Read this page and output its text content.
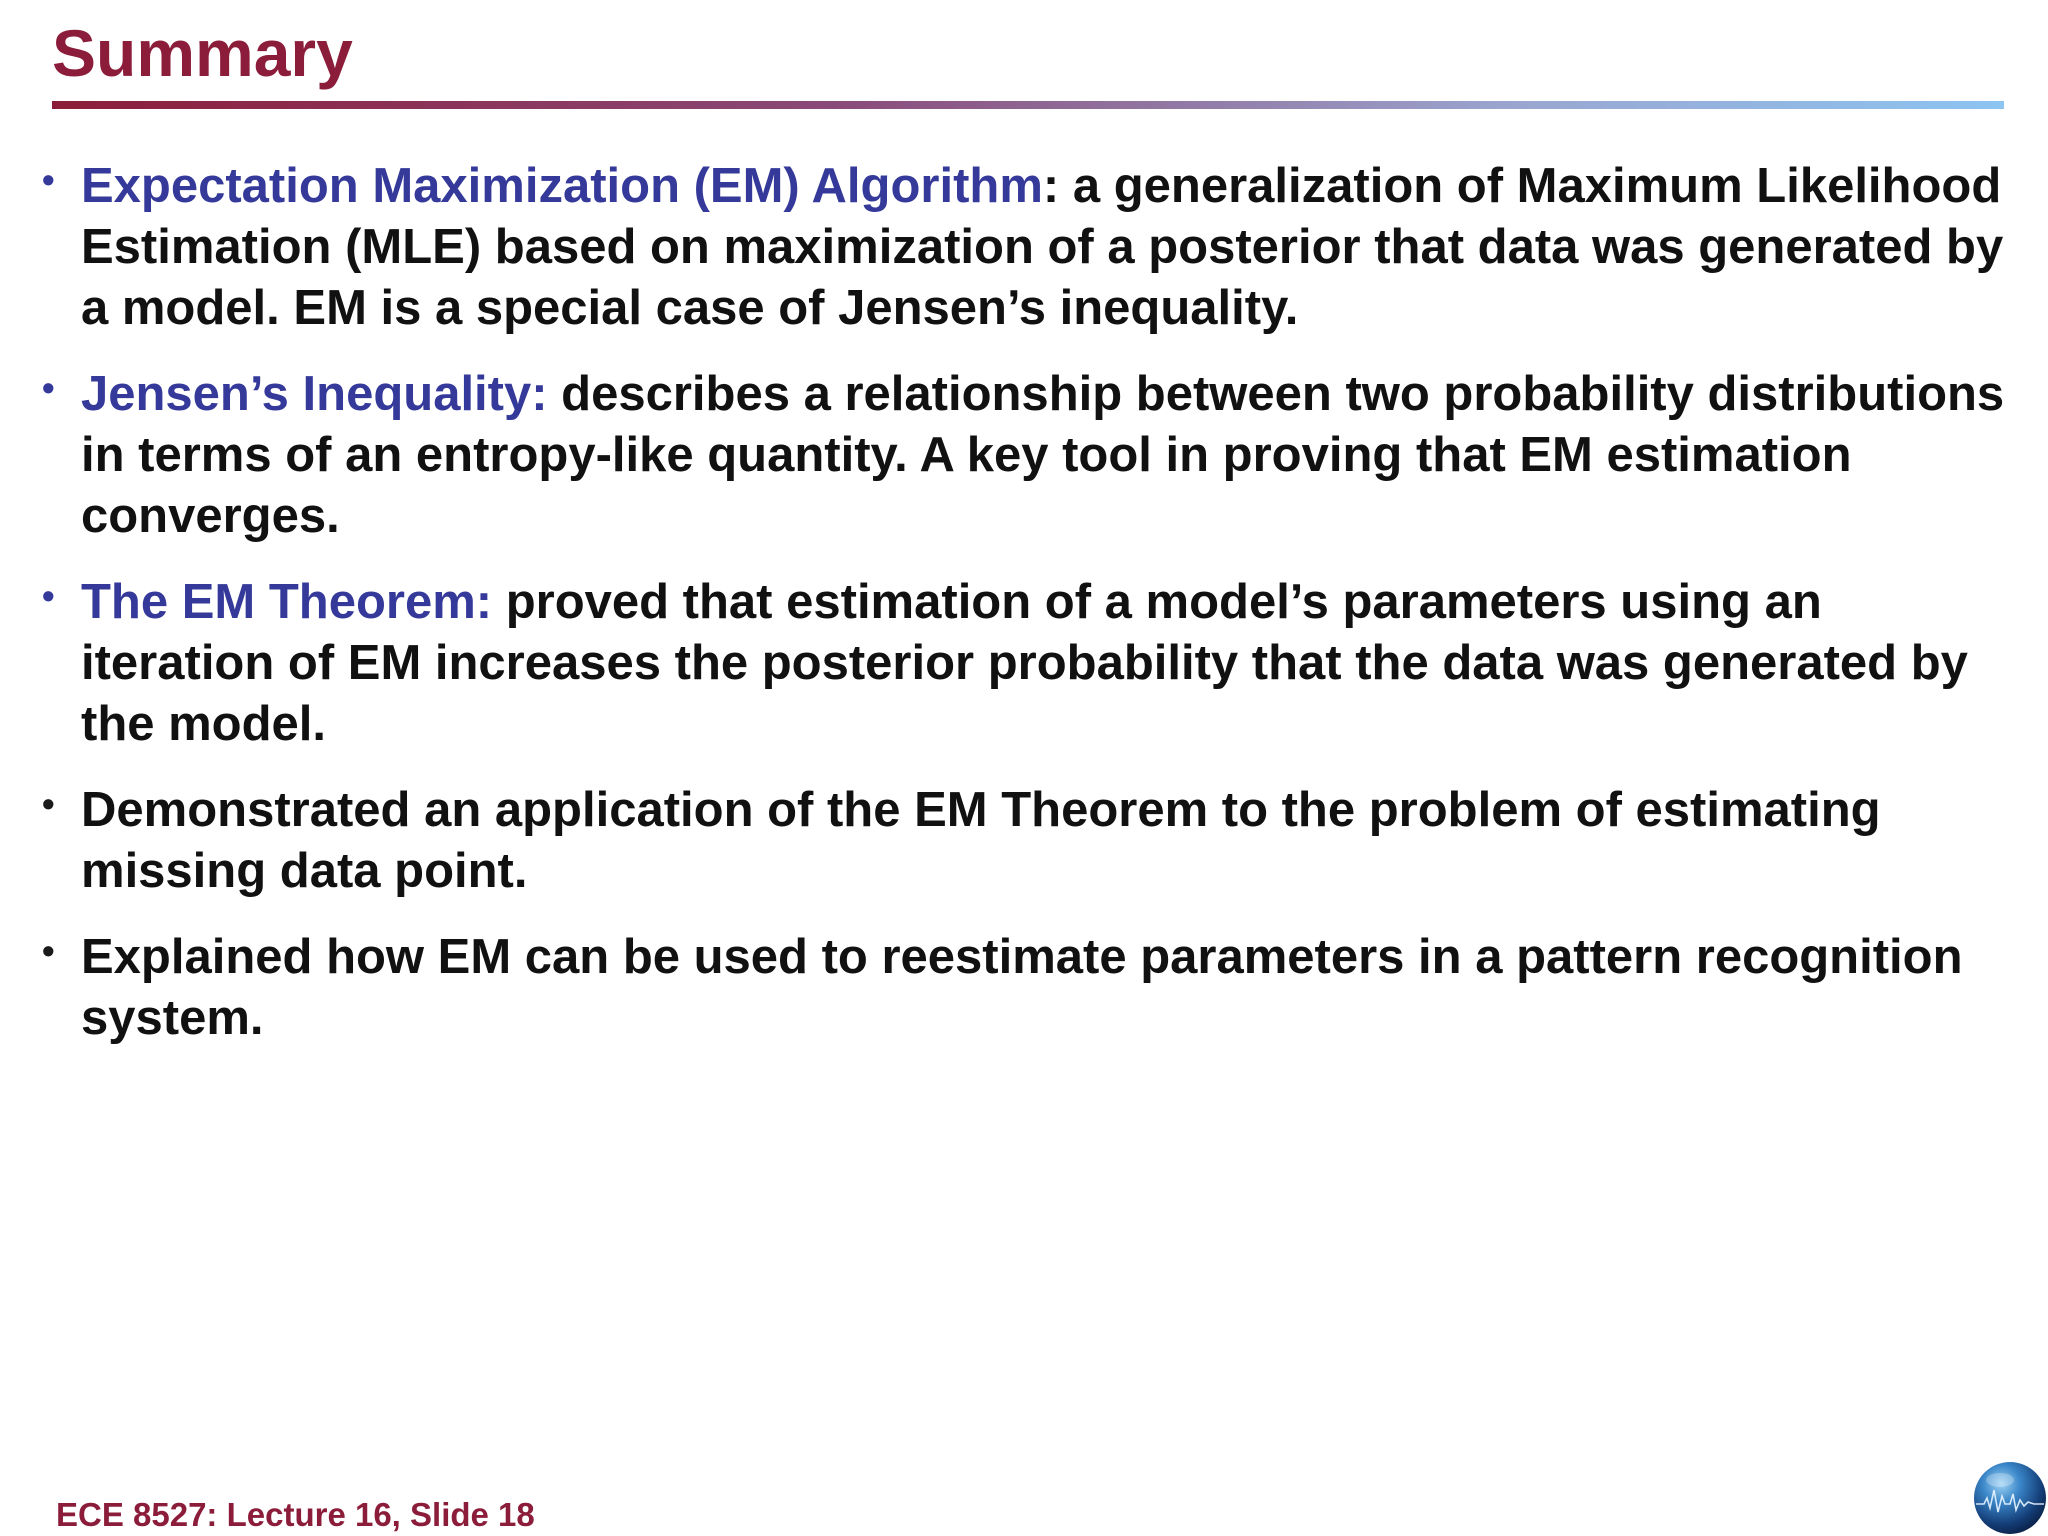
Summary
• Expectation Maximization (EM) Algorithm: a generalization of Maximum Likelihood Estimation (MLE) based on maximization of a posterior that data was generated by a model. EM is a special case of Jensen’s inequality.
• Jensen’s Inequality: describes a relationship between two probability distributions in terms of an entropy-like quantity. A key tool in proving that EM estimation converges.
• The EM Theorem: proved that estimation of a model’s parameters using an iteration of EM increases the posterior probability that the data was generated by the model.
• Demonstrated an application of the EM Theorem to the problem of estimating missing data point.
• Explained how EM can be used to reestimate parameters in a pattern recognition system.
ECE 8527: Lecture 16, Slide 18
